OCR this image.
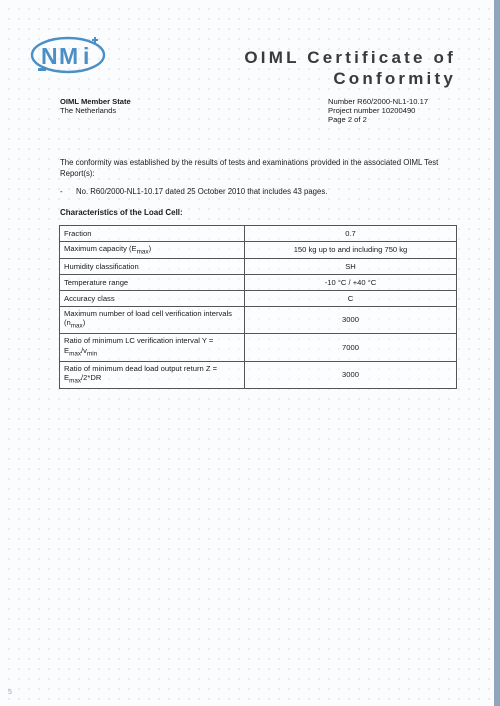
N M i	OIML Certificate of
Conformity
OIML Member State
The Netherlands
Number R60/2000-NL1-10.17
Project number 10200490
Page 2 of 2
The conformity was established by the results of tests and examinations provided in the associated OIML Test Report(s):
- No. R60/2000-NL1-10.17 dated 25 October 2010 that includes 43 pages.
Characteristics of the Load Cell:
Fraction	0.7
Maximum capacity $(E_{max})$	150 kg up to and including 750 kg
Humidity classification	SH
Temperature range	-10 °C / +40 °C
Accuracy class	C
Maximum number of load cell verification intervals $(n_{max})$	3000
Ratio of minimum LC verification interval $Y = E_{max}/v_{min}$	7000
Ratio of minimum dead load output return $Z = E_{max}/2*DR$	3000
5
